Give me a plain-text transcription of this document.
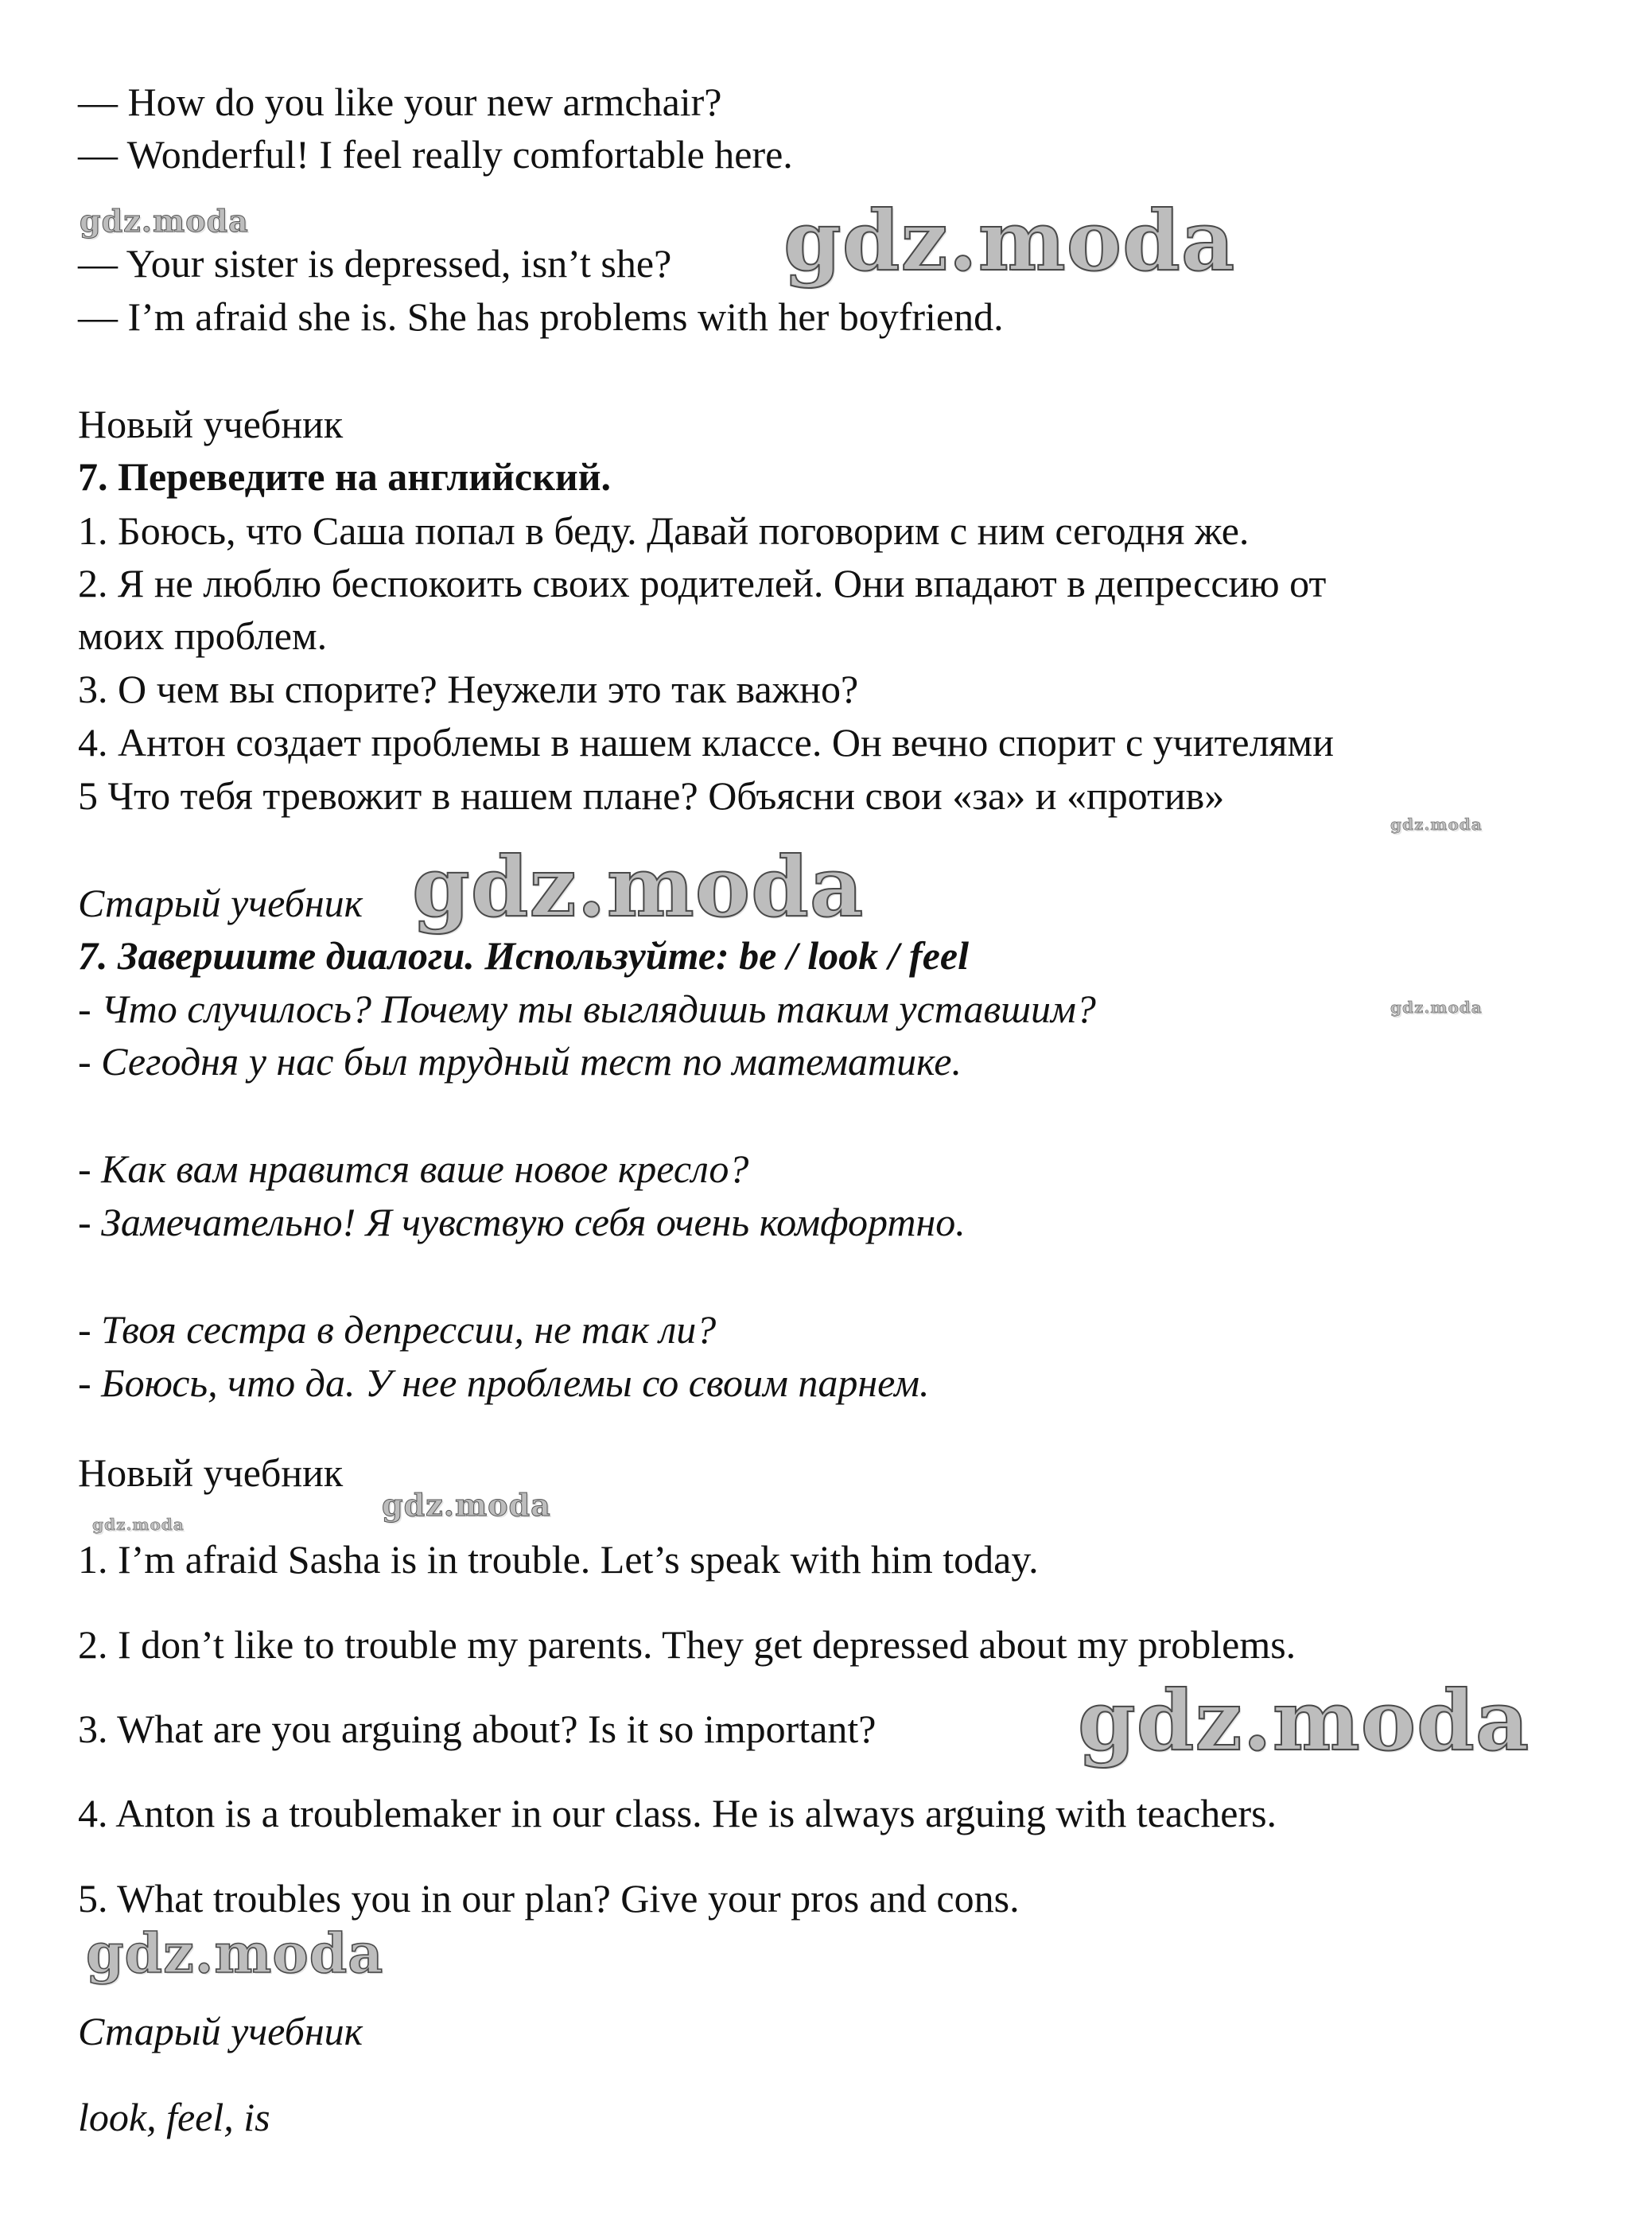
— How do you like your new armchair?

— Wonderful! I feel really comfortable here.

— Your sister is depressed, isn’t she?

— I’m afraid she is. She has problems with her boyfriend.

Новый учебник

7. Переведите на английский.

1. Боюсь, что Саша попал в беду. Давай поговорим с ним сегодня же.

2. Я не люблю беспокоить своих родителей. Они впадают в депрессию от

моих проблем.

3. О чем вы спорите? Неужели это так важно?

4. Антон создает проблемы в нашем классе. Он вечно спорит с учителями

5 Что тебя тревожит в нашем плане? Объясни свои «за» и «против»

Старый учебник

7. Завершите диалоги. Используйте: be / look / feel

- Что случилось? Почему ты выглядишь таким уставшим?

- Сегодня у нас был трудный тест по математике.

- Как вам нравится ваше новое кресло?

- Замечательно! Я чувствую себя очень комфортно.

- Твоя сестра в депрессии, не так ли?

- Боюсь, что да. У нее проблемы со своим парнем.

Новый учебник

1. I’m afraid Sasha is in trouble. Let’s speak with him today.

2. I don’t like to trouble my parents. They get depressed about my problems.

3. What are you arguing about? Is it so important?

4. Anton is a troublemaker in our class. He is always arguing with teachers.

5. What troubles you in our plan? Give your pros and cons.

Старый учебник

look, feel, is

gdz.moda	gdz.moda
gdz.moda
gdz.moda
gdz.moda
gdz.moda
gdz.moda
gdz.moda
gdz.moda
